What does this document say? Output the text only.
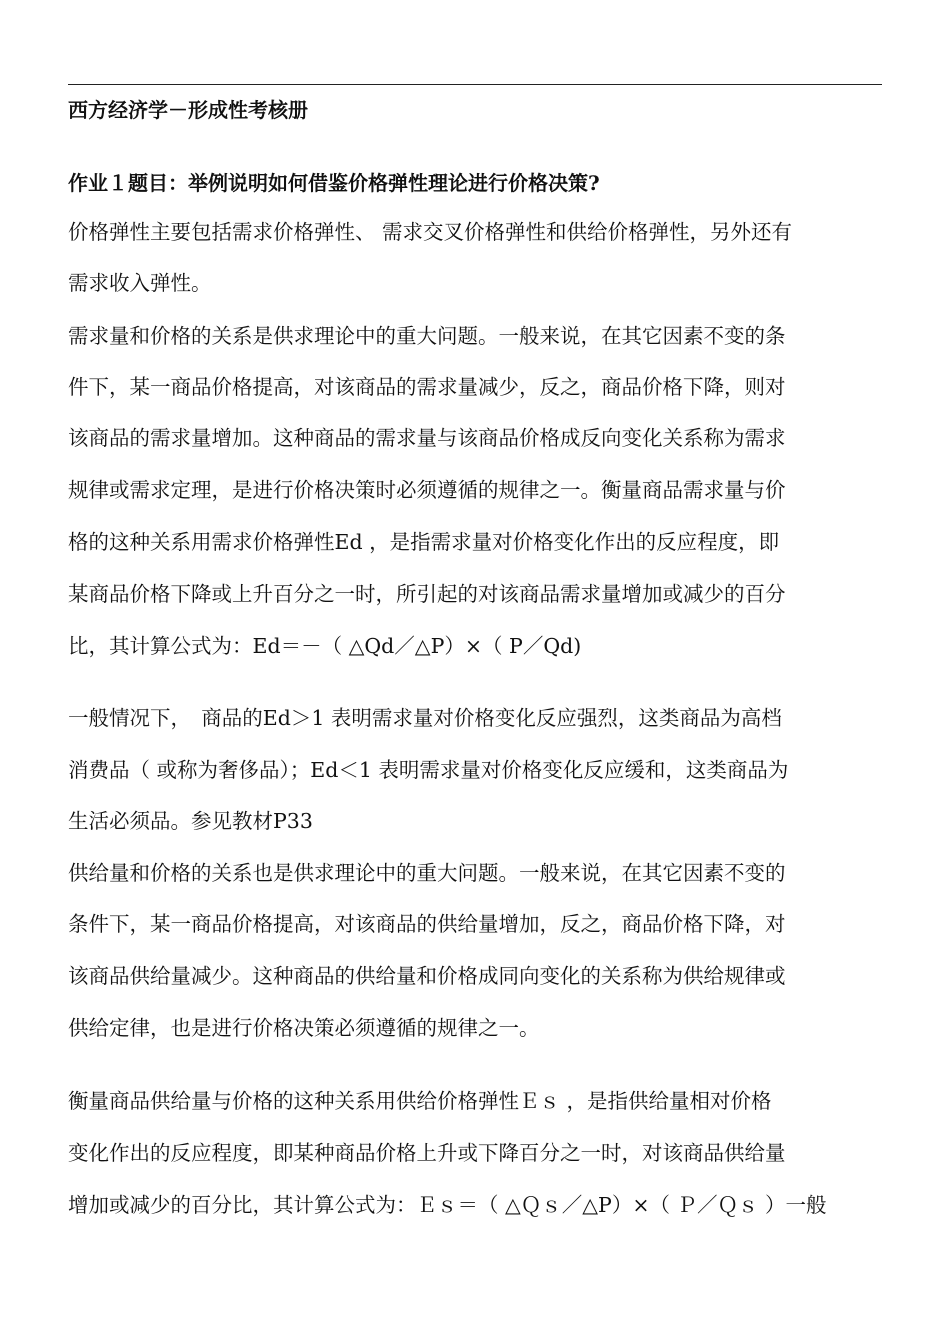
西方经济学－形成性考核册
作业１题目：举例说明如何借鉴价格弹性理论进行价格决策?
价格弹性主要包括需求价格弹性、 需求交叉价格弹性和供给价格弹性，另外还有
需求收入弹性。
需求量和价格的关系是供求理论中的重大问题。一般来说，在其它因素不变的条
件下，某一商品价格提高，对该商品的需求量减少，反之，商品价格下降，则对
该商品的需求量增加。这种商品的需求量与该商品价格成反向变化关系称为需求
规律或需求定理，是进行价格决策时必须遵循的规律之一。衡量商品需求量与价
格的这种关系用需求价格弹性Ed ，是指需求量对价格变化作出的反应程度，即
某商品价格下降或上升百分之一时，所引起的对该商品需求量增加或减少的百分
比，其计算公式为：Ed＝－（ △Qd／△P）×（ P／Qd)
一般情况下，　商品的Ed＞1 表明需求量对价格变化反应强烈，这类商品为高档
消费品（ 或称为奢侈品）；Ed＜1 表明需求量对价格变化反应缓和，这类商品为
生活必须品。参见教材P33
供给量和价格的关系也是供求理论中的重大问题。一般来说，在其它因素不变的
条件下，某一商品价格提高，对该商品的供给量增加，反之，商品价格下降，对
该商品供给量减少。这种商品的供给量和价格成同向变化的关系称为供给规律或
供给定律，也是进行价格决策必须遵循的规律之一。
衡量商品供给量与价格的这种关系用供给价格弹性Ｅｓ ，是指供给量相对价格
变化作出的反应程度，即某种商品价格上升或下降百分之一时，对该商品供给量
增加或减少的百分比，其计算公式为：Ｅｓ＝（ △Ｑｓ／△P）×（ Ｐ／Ｑｓ ）一般
